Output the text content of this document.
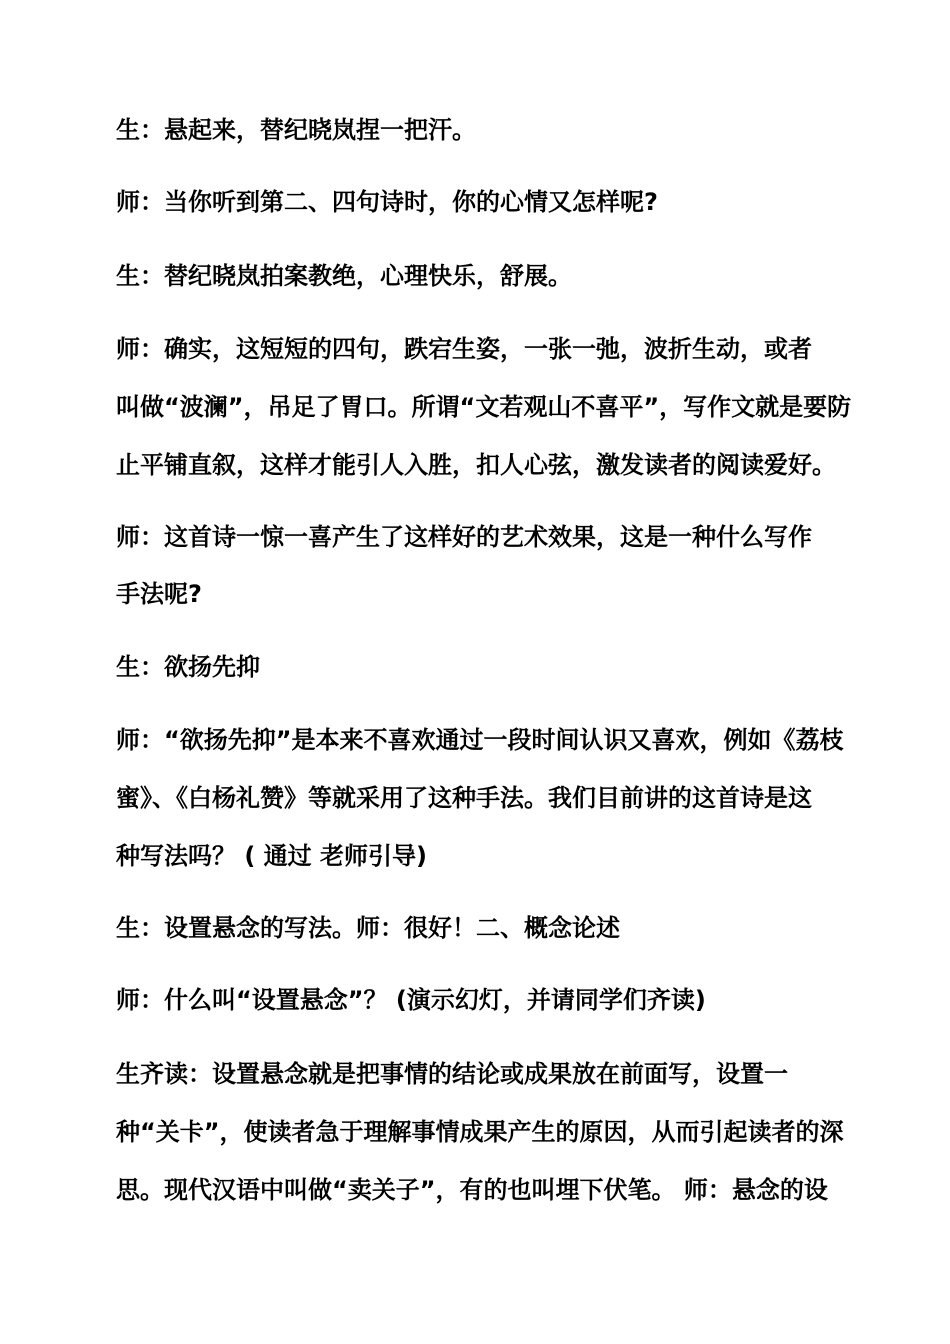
生：悬起来，替纪晓岚捏一把汗。
师：当你听到第二、四句诗时，你的心情又怎样呢?
生：替纪晓岚拍案教绝，心理快乐，舒展。
师：确实，这短短的四句，跌宕生姿，一张一弛，波折生动，或者
叫做“波澜”，吊足了胃口。所谓“文若观山不喜平”，写作文就是要防
止平铺直叙，这样才能引人入胜，扣人心弦，激发读者的阅读爱好。
师：这首诗一惊一喜产生了这样好的艺术效果，这是一种什么写作
手法呢?
生：欲扬先抑
师：“欲扬先抑”是本来不喜欢通过一段时间认识又喜欢，例如《荔枝
蜜》、《白杨礼赞》等就采用了这种手法。我们目前讲的这首诗是这
种写法吗？ ( 通过 老师引导)
生：设置悬念的写法。师：很好！二、概念论述
师：什么叫“设置悬念”？ (演示幻灯，并请同学们齐读)
生齐读：设置悬念就是把事情的结论或成果放在前面写，设置一
种“关卡”，使读者急于理解事情成果产生的原因，从而引起读者的深
思。现代汉语中叫做“卖关子”，有的也叫埋下伏笔。 师：悬念的设
